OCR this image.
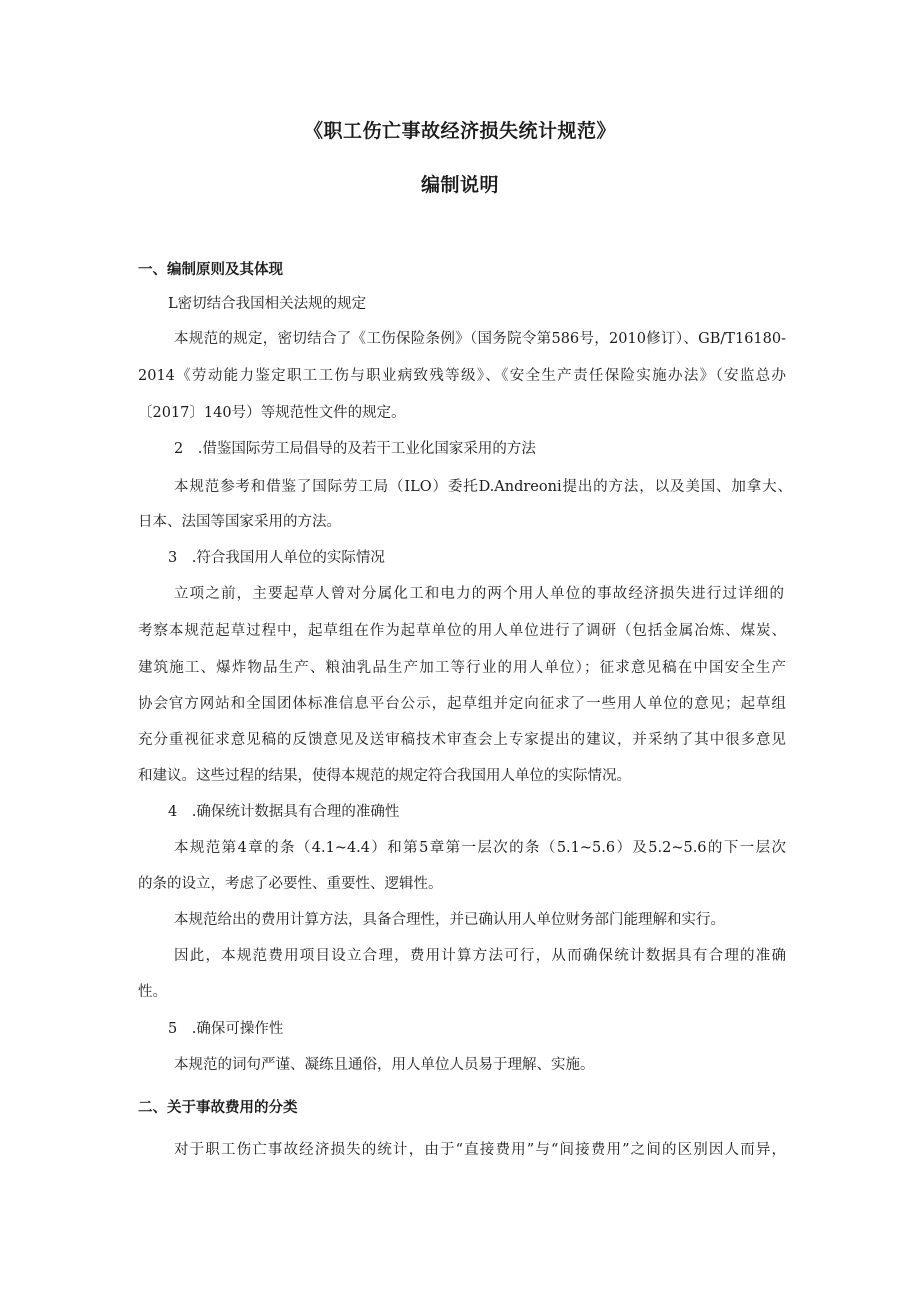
《职工伤亡事故经济损失统计规范》
编制说明
一、编制原则及其体现
L密切结合我国相关法规的规定
本规范的规定，密切结合了《工伤保险条例》（国务院令第586号，2010修订）、GB/T16180-
2014《劳动能力鉴定职工工伤与职业病致残等级》、《安全生产责任保险实施办法》（安监总办
〔2017〕140号）等规范性文件的规定。
2　.借鉴国际劳工局倡导的及若干工业化国家采用的方法
本规范参考和借鉴了国际劳工局（ILO）委托D.Andreoni提出的方法，以及美国、加拿大、
日本、法国等国家采用的方法。
3　.符合我国用人单位的实际情况
立项之前，主要起草人曾对分属化工和电力的两个用人单位的事故经济损失进行过详细的
考察本规范起草过程中，起草组在作为起草单位的用人单位进行了调研（包括金属冶炼、煤炭、
建筑施工、爆炸物品生产、粮油乳品生产加工等行业的用人单位）；征求意见稿在中国安全生产
协会官方网站和全国团体标准信息平台公示，起草组并定向征求了一些用人单位的意见；起草组
充分重视征求意见稿的反馈意见及送审稿技术审查会上专家提出的建议，并采纳了其中很多意见
和建议。这些过程的结果，使得本规范的规定符合我国用人单位的实际情况。
4　.确保统计数据具有合理的准确性
本规范第4章的条（4.1~4.4）和第5章第一层次的条（5.1~5.6）及5.2~5.6的下一层次
的条的设立，考虑了必要性、重要性、逻辑性。
本规范给出的费用计算方法，具备合理性，并已确认用人单位财务部门能理解和实行。
因此，本规范费用项目设立合理，费用计算方法可行，从而确保统计数据具有合理的准确
性。
5　.确保可操作性
本规范的词句严谨、凝练且通俗，用人单位人员易于理解、实施。
二、关于事故费用的分类
对于职工伤亡事故经济损失的统计，由于“直接费用”与“间接费用”之间的区别因人而异，
